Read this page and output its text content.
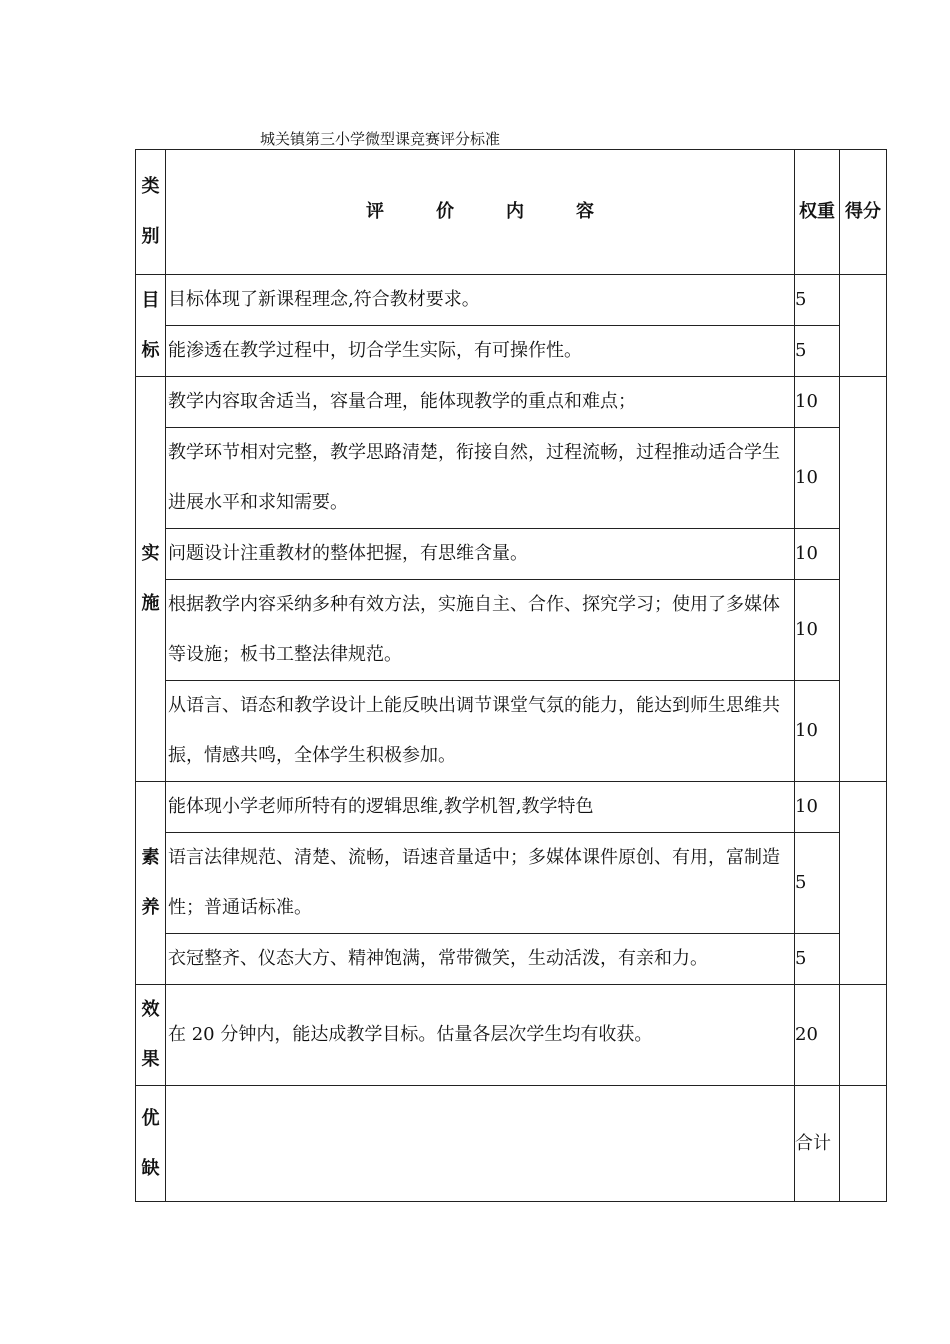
城关镇第三小学微型课竞赛评分标准
类
别	评 价 内 容	权重	得分

目
标	目标体现了新课程理念,符合教材要求。	5	
	能渗透在教学过程中，切合学生实际，有可操作性。	5	

实
施	教学内容取舍适当，容量合理，能体现教学的重点和难点；	10	
	教学环节相对完整，教学思路清楚，衔接自然，过程流畅，过程推动适合学生进展水平和求知需要。	10	
	问题设计注重教材的整体把握，有思维含量。	10	
	根据教学内容采纳多种有效方法，实施自主、合作、探究学习；使用了多媒体等设施；板书工整法律规范。	10	
	从语言、语态和教学设计上能反映出调节课堂气氛的能力，能达到师生思维共振，情感共鸣，全体学生积极参加。	10	

素
养	能体现小学老师所特有的逻辑思维,教学机智,教学特色	10	
	语言法律规范、清楚、流畅，语速音量适中；多媒体课件原创、有用，富制造性；普通话标准。	5	
	衣冠整齐、仪态大方、精神饱满，常带微笑，生动活泼，有亲和力。	5	

效
果	在 20 分钟内，能达成教学目标。估量各层次学生均有收获。	20	

优
缺		合计	
